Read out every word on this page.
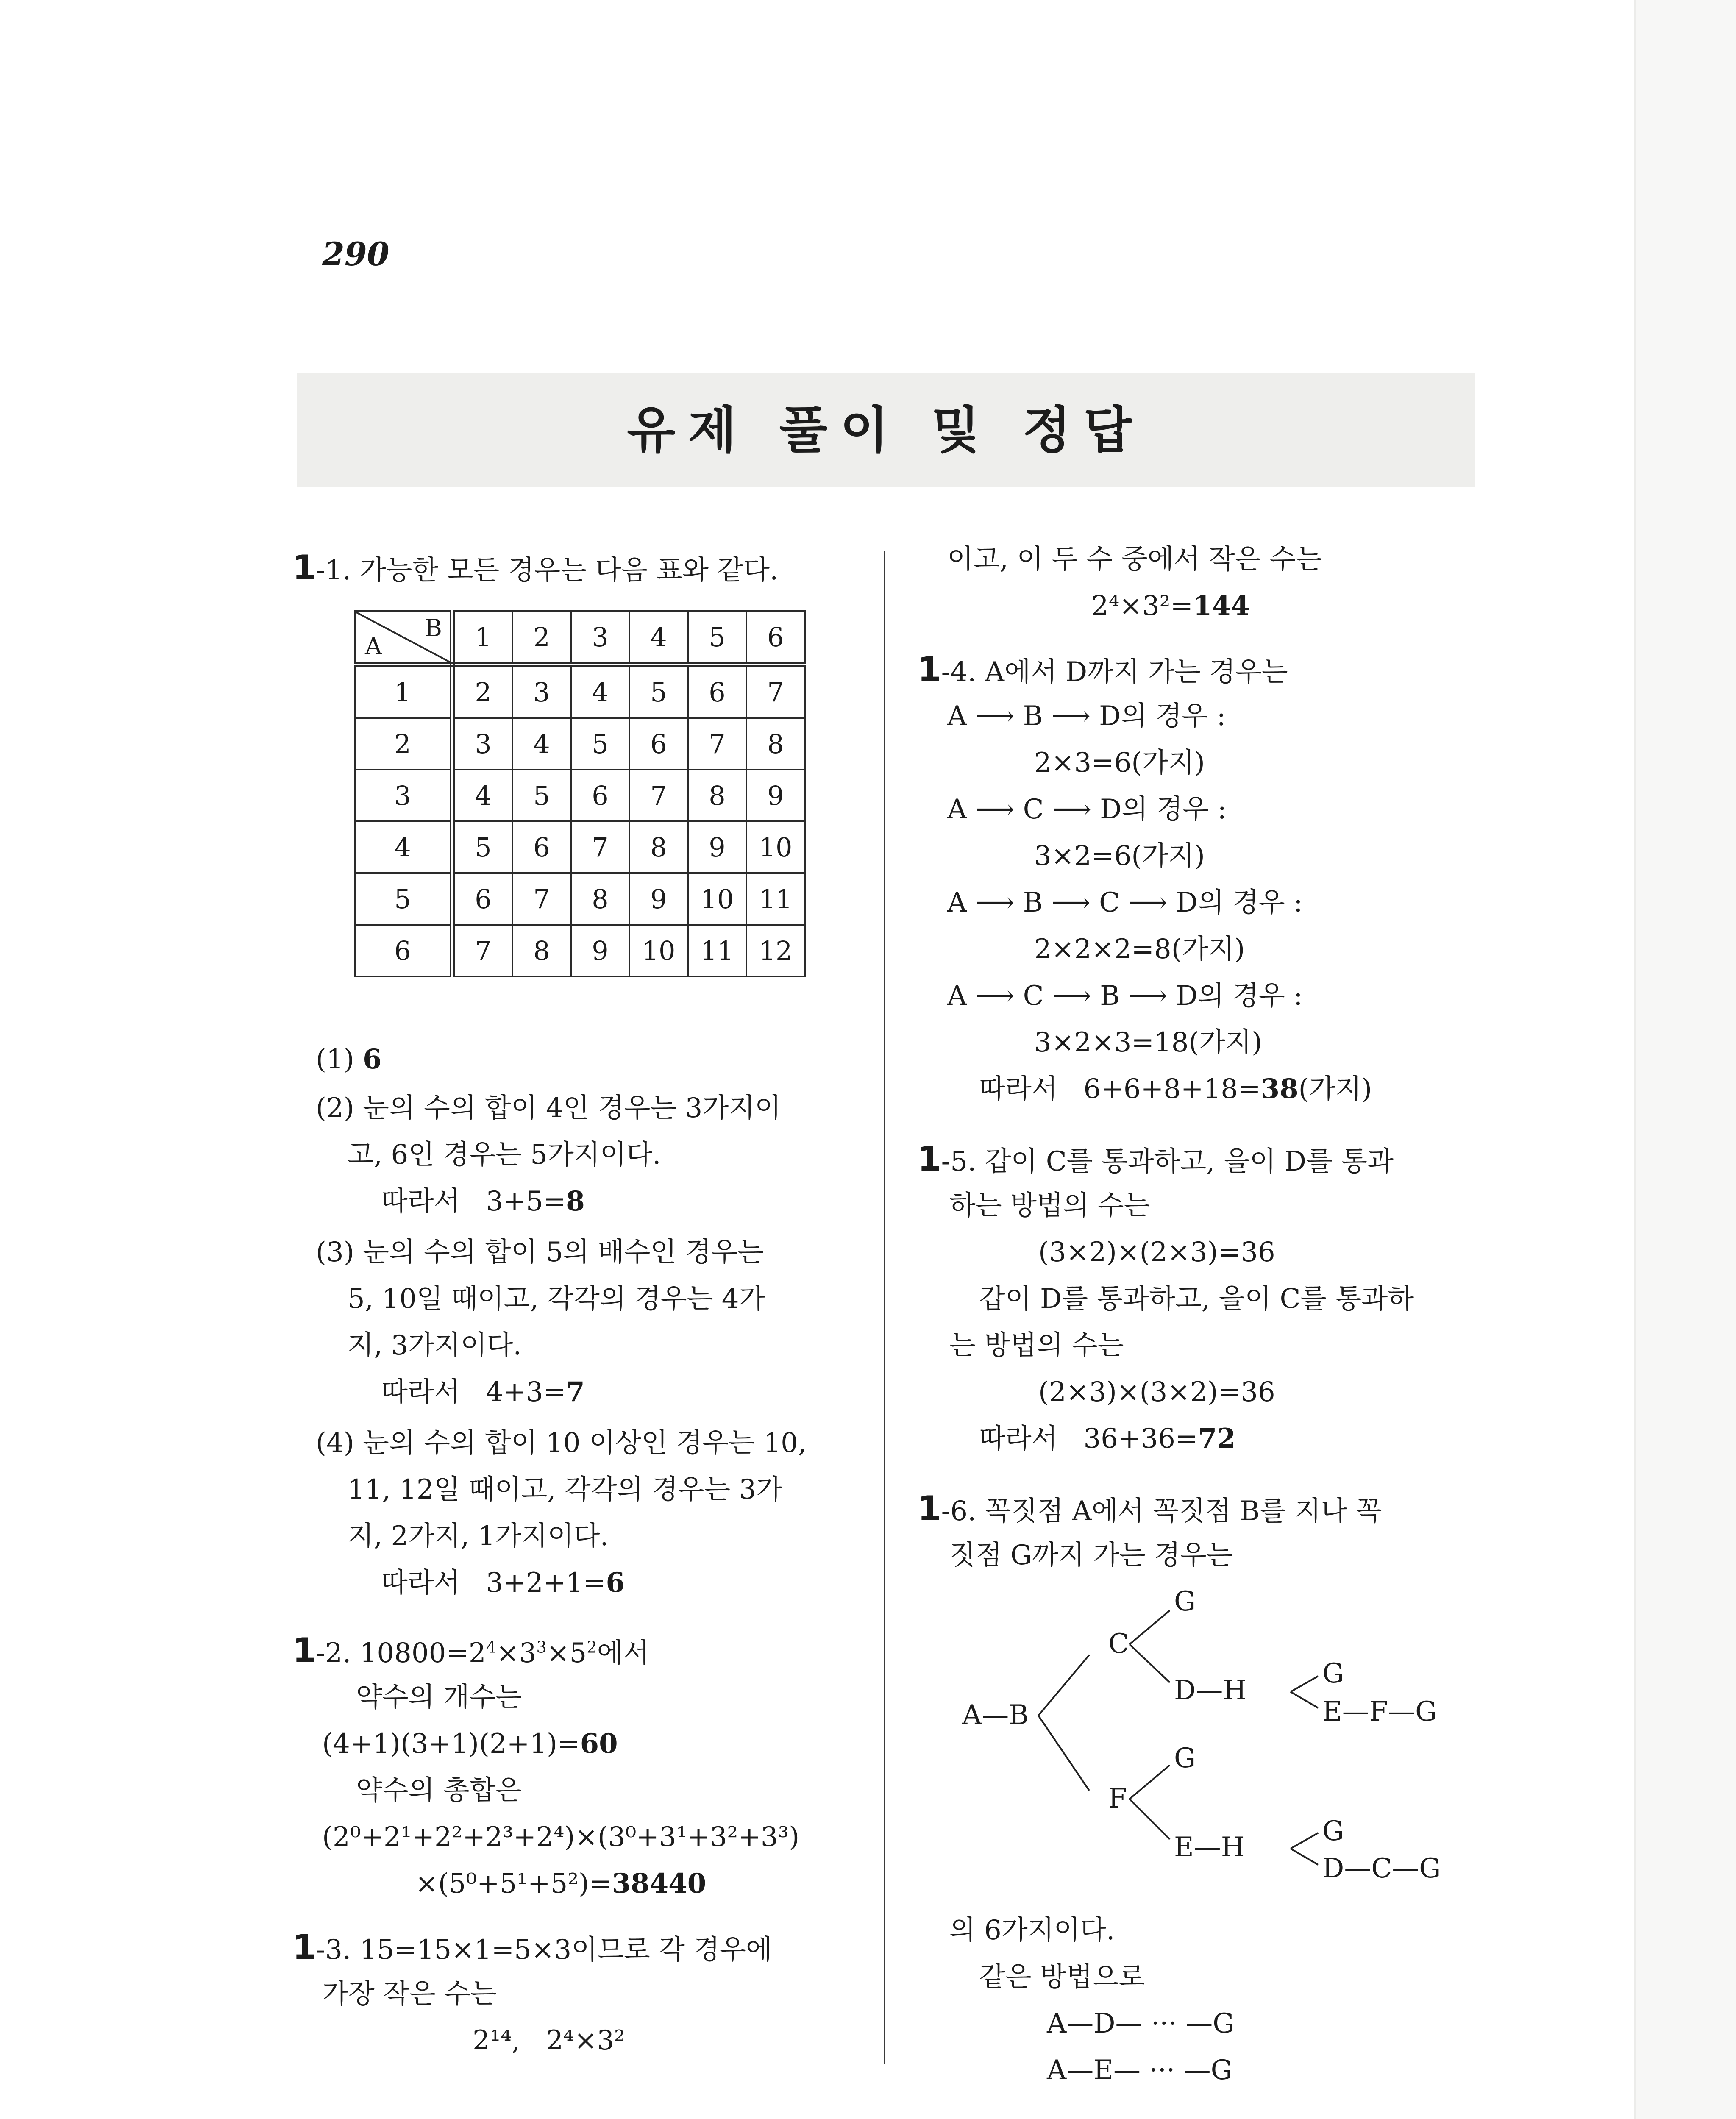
290
유제 풀이 및 정답
1-1. 가능한 모든 경우는 다음 표와 같다.
B
A	1	2	3	4	5	6
1	2	3	4	5	6	7
2	3	4	5	6	7	8
3	4	5	6	7	8	9
4	5	6	7	8	9	10
5	6	7	8	9	10	11
6	7	8	9	10	11	12
(1) 6
(2) 눈의 수의 합이 4인 경우는 3가지이
고, 6인 경우는 5가지이다.
따라서   3+5=8
(3) 눈의 수의 합이 5의 배수인 경우는
5, 10일 때이고, 각각의 경우는 4가
지, 3가지이다.
따라서   4+3=7
(4) 눈의 수의 합이 10 이상인 경우는 10,
11, 12일 때이고, 각각의 경우는 3가
지, 2가지, 1가지이다.
따라서   3+2+1=6
1-2. $10800=2^4\times 3^3\times 5^2$에서
약수의 개수는
(4+1)(3+1)(2+1)=60
약수의 총합은
(2⁰+2¹+2²+2³+2⁴)×(3⁰+3¹+3²+3³)
×(5⁰+5¹+5²)=38440
1-3. 15=15×1=5×3이므로 각 경우에
가장 작은 수는
2¹⁴,   2⁴×3²
이고, 이 두 수 중에서 작은 수는
2⁴×3²=144
1-4. A에서 D까지 가는 경우는
A ⟶ B ⟶ D의 경우 :
2×3=6(가지)
A ⟶ C ⟶ D의 경우 :
3×2=6(가지)
A ⟶ B ⟶ C ⟶ D의 경우 :
2×2×2=8(가지)
A ⟶ C ⟶ B ⟶ D의 경우 :
3×2×3=18(가지)
따라서   6+6+8+18=38(가지)
1-5. 갑이 C를 통과하고, 을이 D를 통과
하는 방법의 수는
(3×2)×(2×3)=36
갑이 D를 통과하고, 을이 C를 통과하
는 방법의 수는
(2×3)×(3×2)=36
따라서   36+36=72
1-6. 꼭짓점 A에서 꼭짓점 B를 지나 꼭
짓점 G까지 가는 경우는
A—B
C
G
D—H
G
E—F—G
F
G
E—H
G
D—C—G
의 6가지이다.
같은 방법으로
A—D— ··· —G
A—E— ··· —G
